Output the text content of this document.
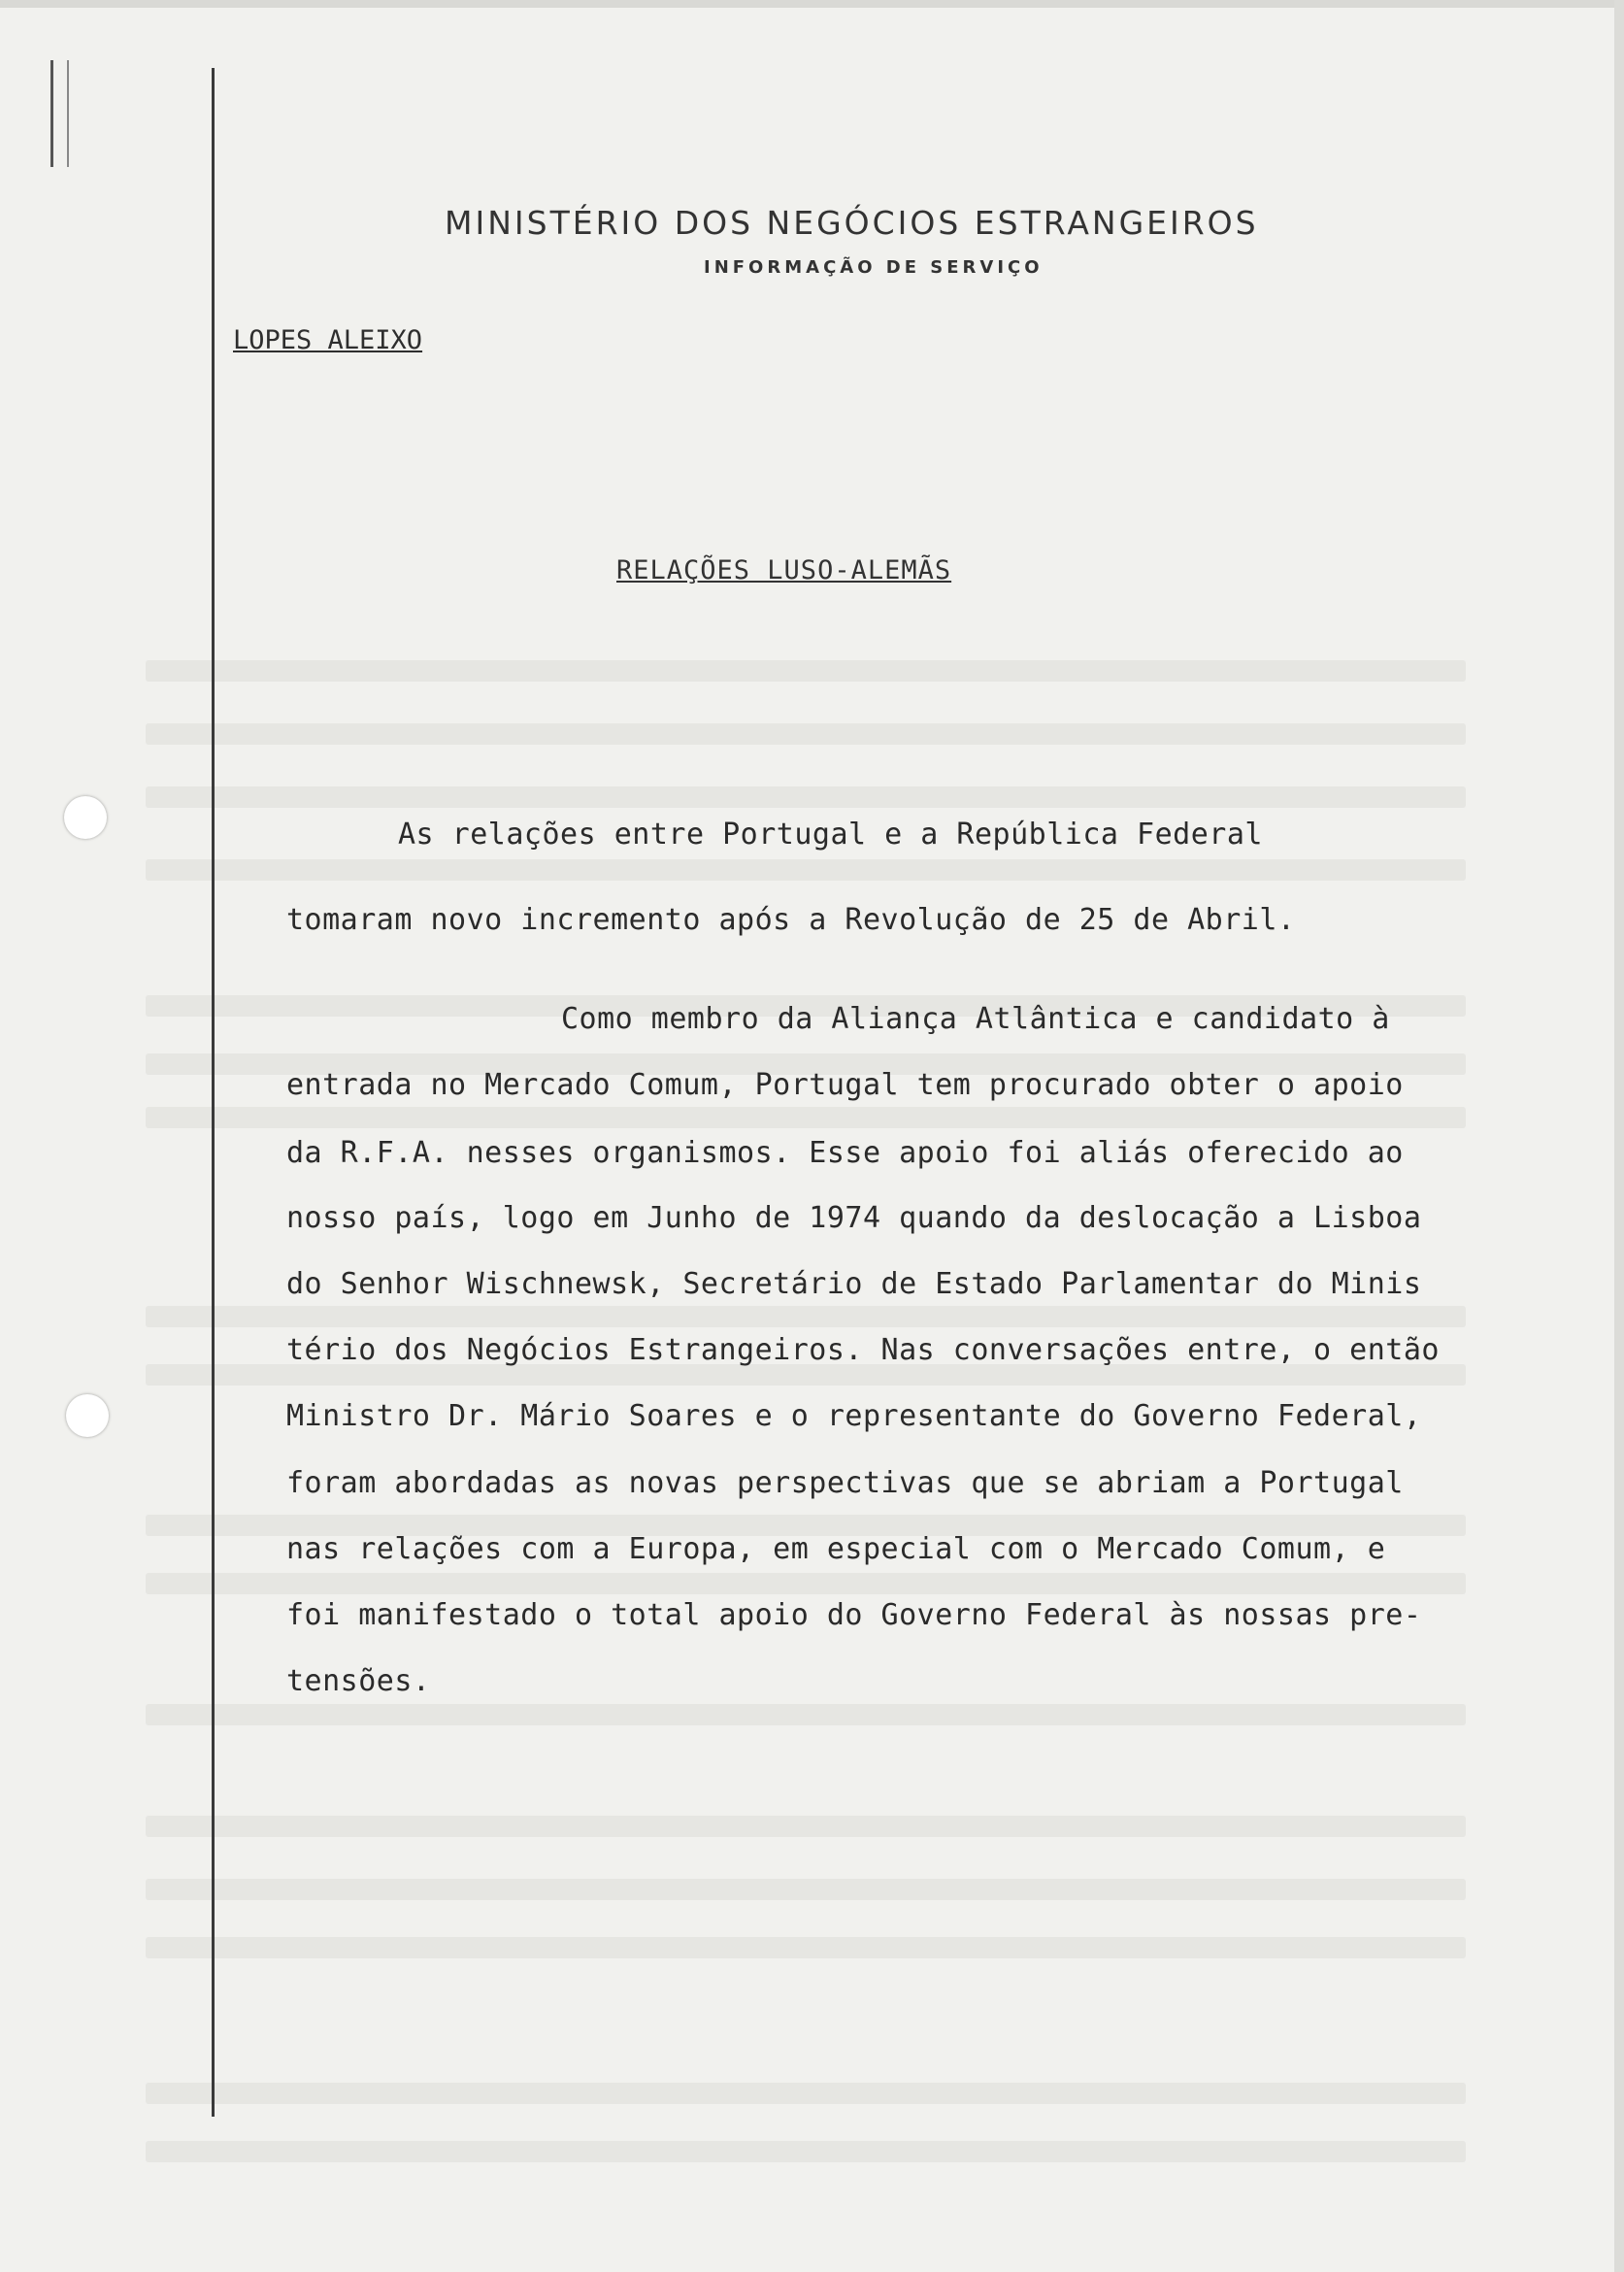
MINISTÉRIO DOS NEGÓCIOS ESTRANGEIROS
INFORMAÇÃO DE SERVIÇO
LOPES ALEIXO
RELAÇÕES LUSO-ALEMÃS
As relações entre Portugal e a República Federal
tomaram novo incremento após a Revolução de 25 de Abril.
Como membro da Aliança Atlântica e candidato à
entrada no Mercado Comum, Portugal tem procurado obter o apoio
da R.F.A. nesses organismos. Esse apoio foi aliás oferecido ao
nosso país, logo em Junho de 1974 quando da deslocação a Lisboa
do Senhor Wischnewsk, Secretário de Estado Parlamentar do Minis
tério dos Negócios Estrangeiros. Nas conversações entre, o então
Ministro Dr. Mário Soares e o representante do Governo Federal,
foram abordadas as novas perspectivas que se abriam a Portugal
nas relações com a Europa, em especial com o Mercado Comum, e
foi manifestado o total apoio do Governo Federal às nossas pre-
tensões.
